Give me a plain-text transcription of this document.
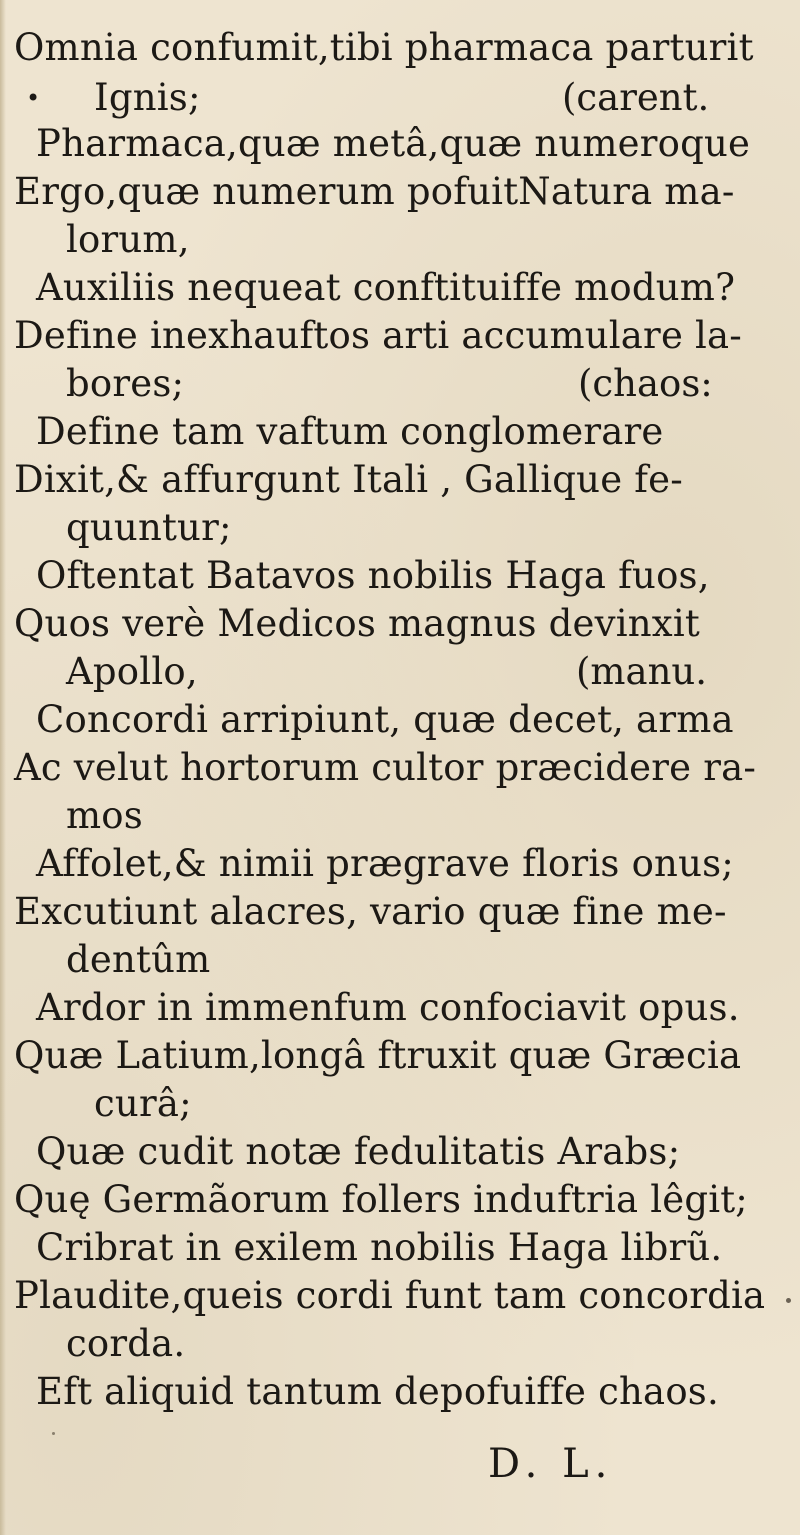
Omnia confumit,tibi pharmaca parturit
• Ignis;	(carent.
Pharmaca,quæ metâ,quæ numeroque
Ergo,quæ numerum pofuitNatura ma-
lorum,
Auxiliis nequeat conftituiffe modum?
Define inexhauftos arti accumulare la-
bores;	(chaos:
Define tam vaftum conglomerare
Dixit,& affurgunt Itali , Gallique fe-
quuntur;
Oftentat Batavos nobilis Haga fuos,
Quos verè Medicos magnus devinxit
Apollo,	(manu.
Concordi arripiunt, quæ decet, arma
Ac velut hortorum cultor præcidere ra-
mos
Affolet,& nimii prægrave floris onus;
Excutiunt alacres, vario quæ fine me-
dentûm
Ardor in immenfum confociavit opus.
Quæ Latium,longâ ftruxit quæ Græcia
curâ;
Quæ cudit notæ fedulitatis Arabs;
Quę Germãorum follers induftria lêgit;
Cribrat in exilem nobilis Haga librũ.
Plaudite,queis cordi funt tam concordia
corda.
Eft aliquid tantum depofuiffe chaos.
D. L.
